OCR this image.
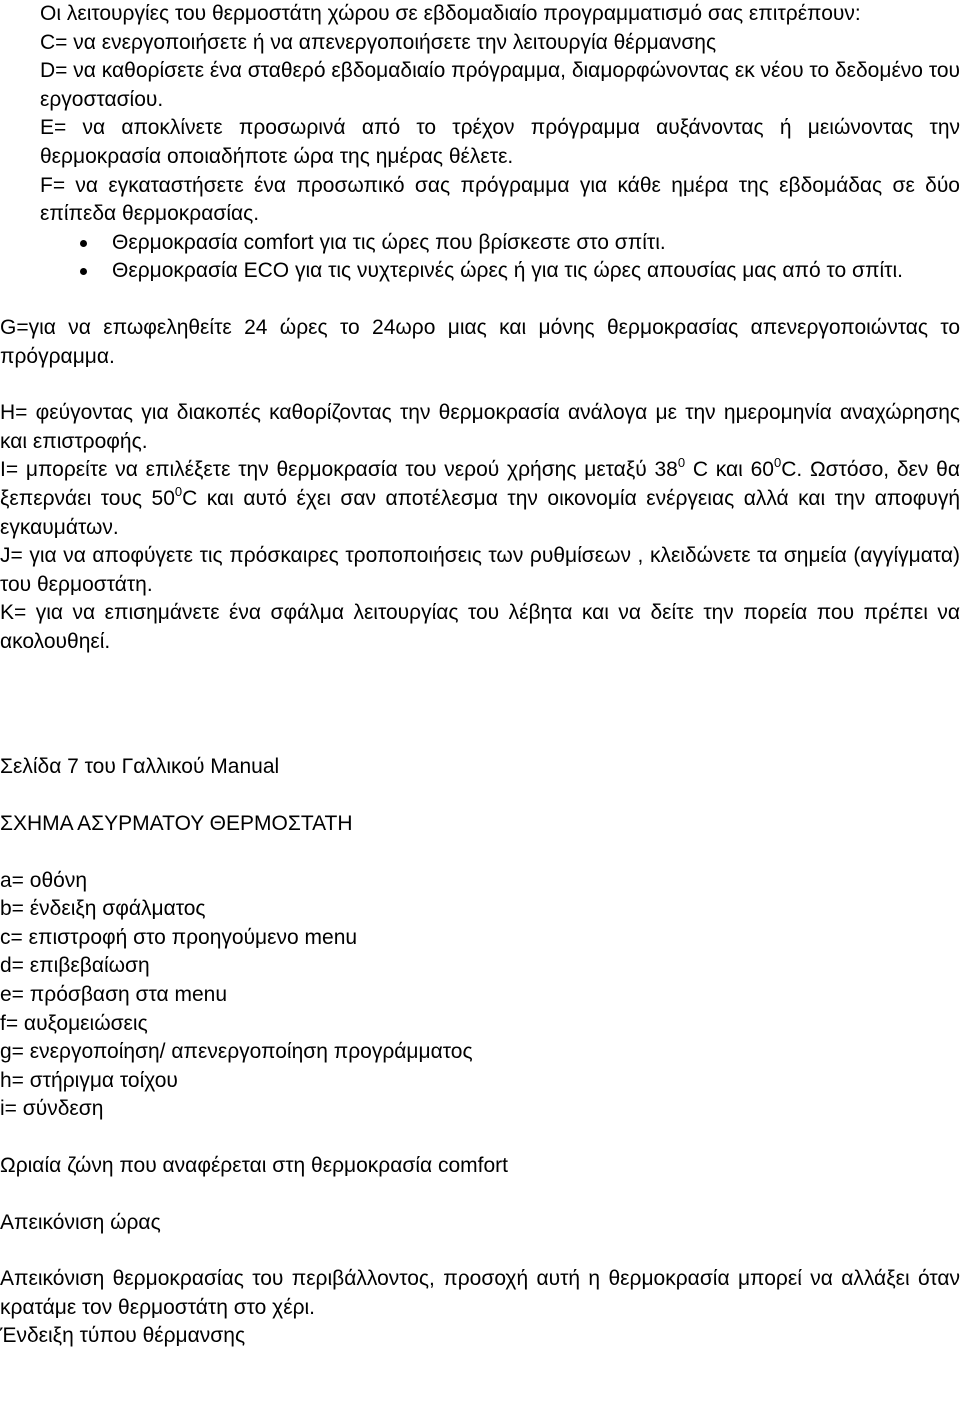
Οι λειτουργίες του θερμοστάτη χώρου σε εβδομαδιαίο προγραμματισμό σας επιτρέπουν:

C= να ενεργοποιήσετε ή να απενεργοποιήσετε την λειτουργία θέρμανσης

D= να καθορίσετε ένα σταθερό εβδομαδιαίο πρόγραμμα, διαμορφώνοντας εκ νέου το δεδομένο του εργοστασίου.

E= να αποκλίνετε προσωρινά από το τρέχον πρόγραμμα αυξάνοντας ή μειώνοντας την θερμοκρασία οποιαδήποτε ώρα της ημέρας θέλετε.

F= να εγκαταστήσετε ένα προσωπικό σας πρόγραμμα για κάθε ημέρα της εβδομάδας σε δύο επίπεδα θερμοκρασίας.

Θερμοκρασία comfort για τις ώρες που βρίσκεστε στο σπίτι.
Θερμοκρασία ECO για τις νυχτερινές ώρες ή για τις ώρες απουσίας μας από το σπίτι.

G=για να επωφεληθείτε 24 ώρες το 24ωρο μιας και μόνης θερμοκρασίας απενεργοποιώντας το πρόγραμμα.

H= φεύγοντας για διακοπές καθορίζοντας την θερμοκρασία ανάλογα με την ημερομηνία αναχώρησης και επιστροφής.

I= μπορείτε να επιλέξετε την θερμοκρασία του νερού χρήσης μεταξύ $38^0$ C και $60^0C$. Ωστόσο, δεν θα ξεπερνάει τους $50^0C$ και αυτό έχει σαν αποτέλεσμα την οικονομία ενέργειας αλλά και την αποφυγή εγκαυμάτων.

J= για να αποφύγετε τις πρόσκαιρες τροποποιήσεις των ρυθμίσεων , κλειδώνετε τα σημεία (αγγίγματα) του θερμοστάτη.

K= για να επισημάνετε ένα σφάλμα λειτουργίας του λέβητα και να δείτε την πορεία που πρέπει να ακολουθηεί.

Σελίδα 7 του Γαλλικού Manual

ΣΧΗΜΑ ΑΣΥΡΜΑΤΟΥ ΘΕΡΜΟΣΤΑΤΗ

a= οθόνη

b= ένδειξη σφάλματος

c= επιστροφή στο προηγούμενο menu

d= επιβεβαίωση

e= πρόσβαση στα menu

f= αυξομειώσεις

g= ενεργοποίηση/ απενεργοποίηση προγράμματος

h= στήριγμα τοίχου

i= σύνδεση

Ωριαία ζώνη που αναφέρεται στη θερμοκρασία comfort

Απεικόνιση ώρας

Απεικόνιση θερμοκρασίας του περιβάλλοντος, προσοχή αυτή η θερμοκρασία μπορεί να αλλάξει όταν κρατάμε τον θερμοστάτη στο χέρι.

Ένδειξη τύπου θέρμανσης
